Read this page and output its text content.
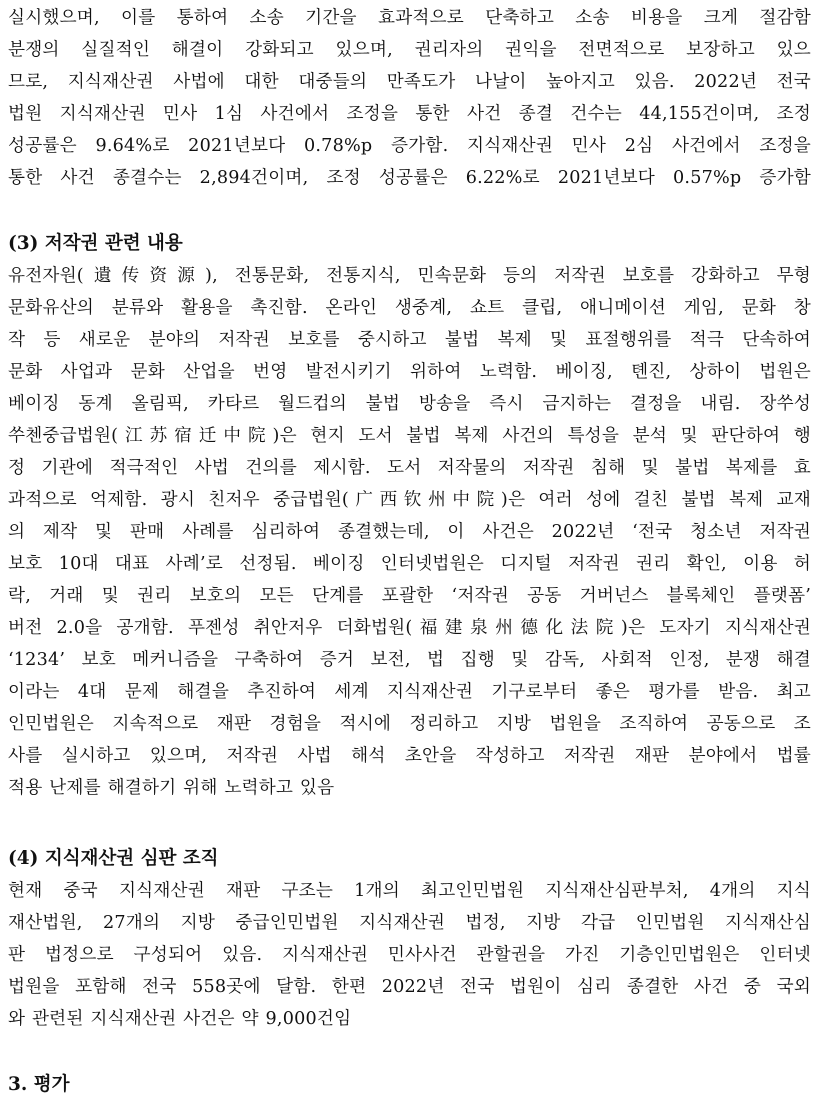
실시했으며, 이를 통하여 소송 기간을 효과적으로 단축하고 소송 비용을 크게 절감함
분쟁의 실질적인 해결이 강화되고 있으며, 권리자의 권익을 전면적으로 보장하고 있으
므로, 지식재산권 사법에 대한 대중들의 만족도가 나날이 높아지고 있음. 2022년 전국
법원 지식재산권 민사 1심 사건에서 조정을 통한 사건 종결 건수는 44,155건이며, 조정
성공률은 9.64%로 2021년보다 0.78%p 증가함. 지식재산권 민사 2심 사건에서 조정을
통한 사건 종결수는 2,894건이며, 조정 성공률은 6.22%로 2021년보다 0.57%p 증가함
(3) 저작권 관련 내용
유전자원(遺传资源), 전통문화, 전통지식, 민속문화 등의 저작권 보호를 강화하고 무형
문화유산의 분류와 활용을 촉진함. 온라인 생중계, 쇼트 클립, 애니메이션 게임, 문화 창
작 등 새로운 분야의 저작권 보호를 중시하고 불법 복제 및 표절행위를 적극 단속하여
문화 사업과 문화 산업을 번영 발전시키기 위하여 노력함. 베이징, 톈진, 상하이 법원은
베이징 동계 올림픽, 카타르 월드컵의 불법 방송을 즉시 금지하는 결정을 내림. 장쑤성
쑤첸중급법원(江苏宿迁中院)은 현지 도서 불법 복제 사건의 특성을 분석 및 판단하여 행
정 기관에 적극적인 사법 건의를 제시함. 도서 저작물의 저작권 침해 및 불법 복제를 효
과적으로 억제함. 광시 친저우 중급법원(广西钦州中院)은 여러 성에 걸친 불법 복제 교재
의 제작 및 판매 사례를 심리하여 종결했는데, 이 사건은 2022년 ‘전국 청소년 저작권
보호 10대 대표 사례’로 선정됨. 베이징 인터넷법원은 디지털 저작권 권리 확인, 이용 허
락, 거래 및 권리 보호의 모든 단계를 포괄한 ‘저작권 공동 거버넌스 블록체인 플랫폼’
버전 2.0을 공개함. 푸젠성 취안저우 더화법원(福建泉州德化法院)은 도자기 지식재산권
‘1234’ 보호 메커니즘을 구축하여 증거 보전, 법 집행 및 감독, 사회적 인정, 분쟁 해결
이라는 4대 문제 해결을 추진하여 세계 지식재산권 기구로부터 좋은 평가를 받음. 최고
인민법원은 지속적으로 재판 경험을 적시에 정리하고 지방 법원을 조직하여 공동으로 조
사를 실시하고 있으며, 저작권 사법 해석 초안을 작성하고 저작권 재판 분야에서 법률
적용 난제를 해결하기 위해 노력하고 있음
(4) 지식재산권 심판 조직
현재 중국 지식재산권 재판 구조는 1개의 최고인민법원 지식재산심판부처, 4개의 지식
재산법원, 27개의 지방 중급인민법원 지식재산권 법정, 지방 각급 인민법원 지식재산심
판 법정으로 구성되어 있음. 지식재산권 민사사건 관할권을 가진 기층인민법원은 인터넷
법원을 포함해 전국 558곳에 달함. 한편 2022년 전국 법원이 심리 종결한 사건 중 국외
와 관련된 지식재산권 사건은 약 9,000건임
3. 평가
